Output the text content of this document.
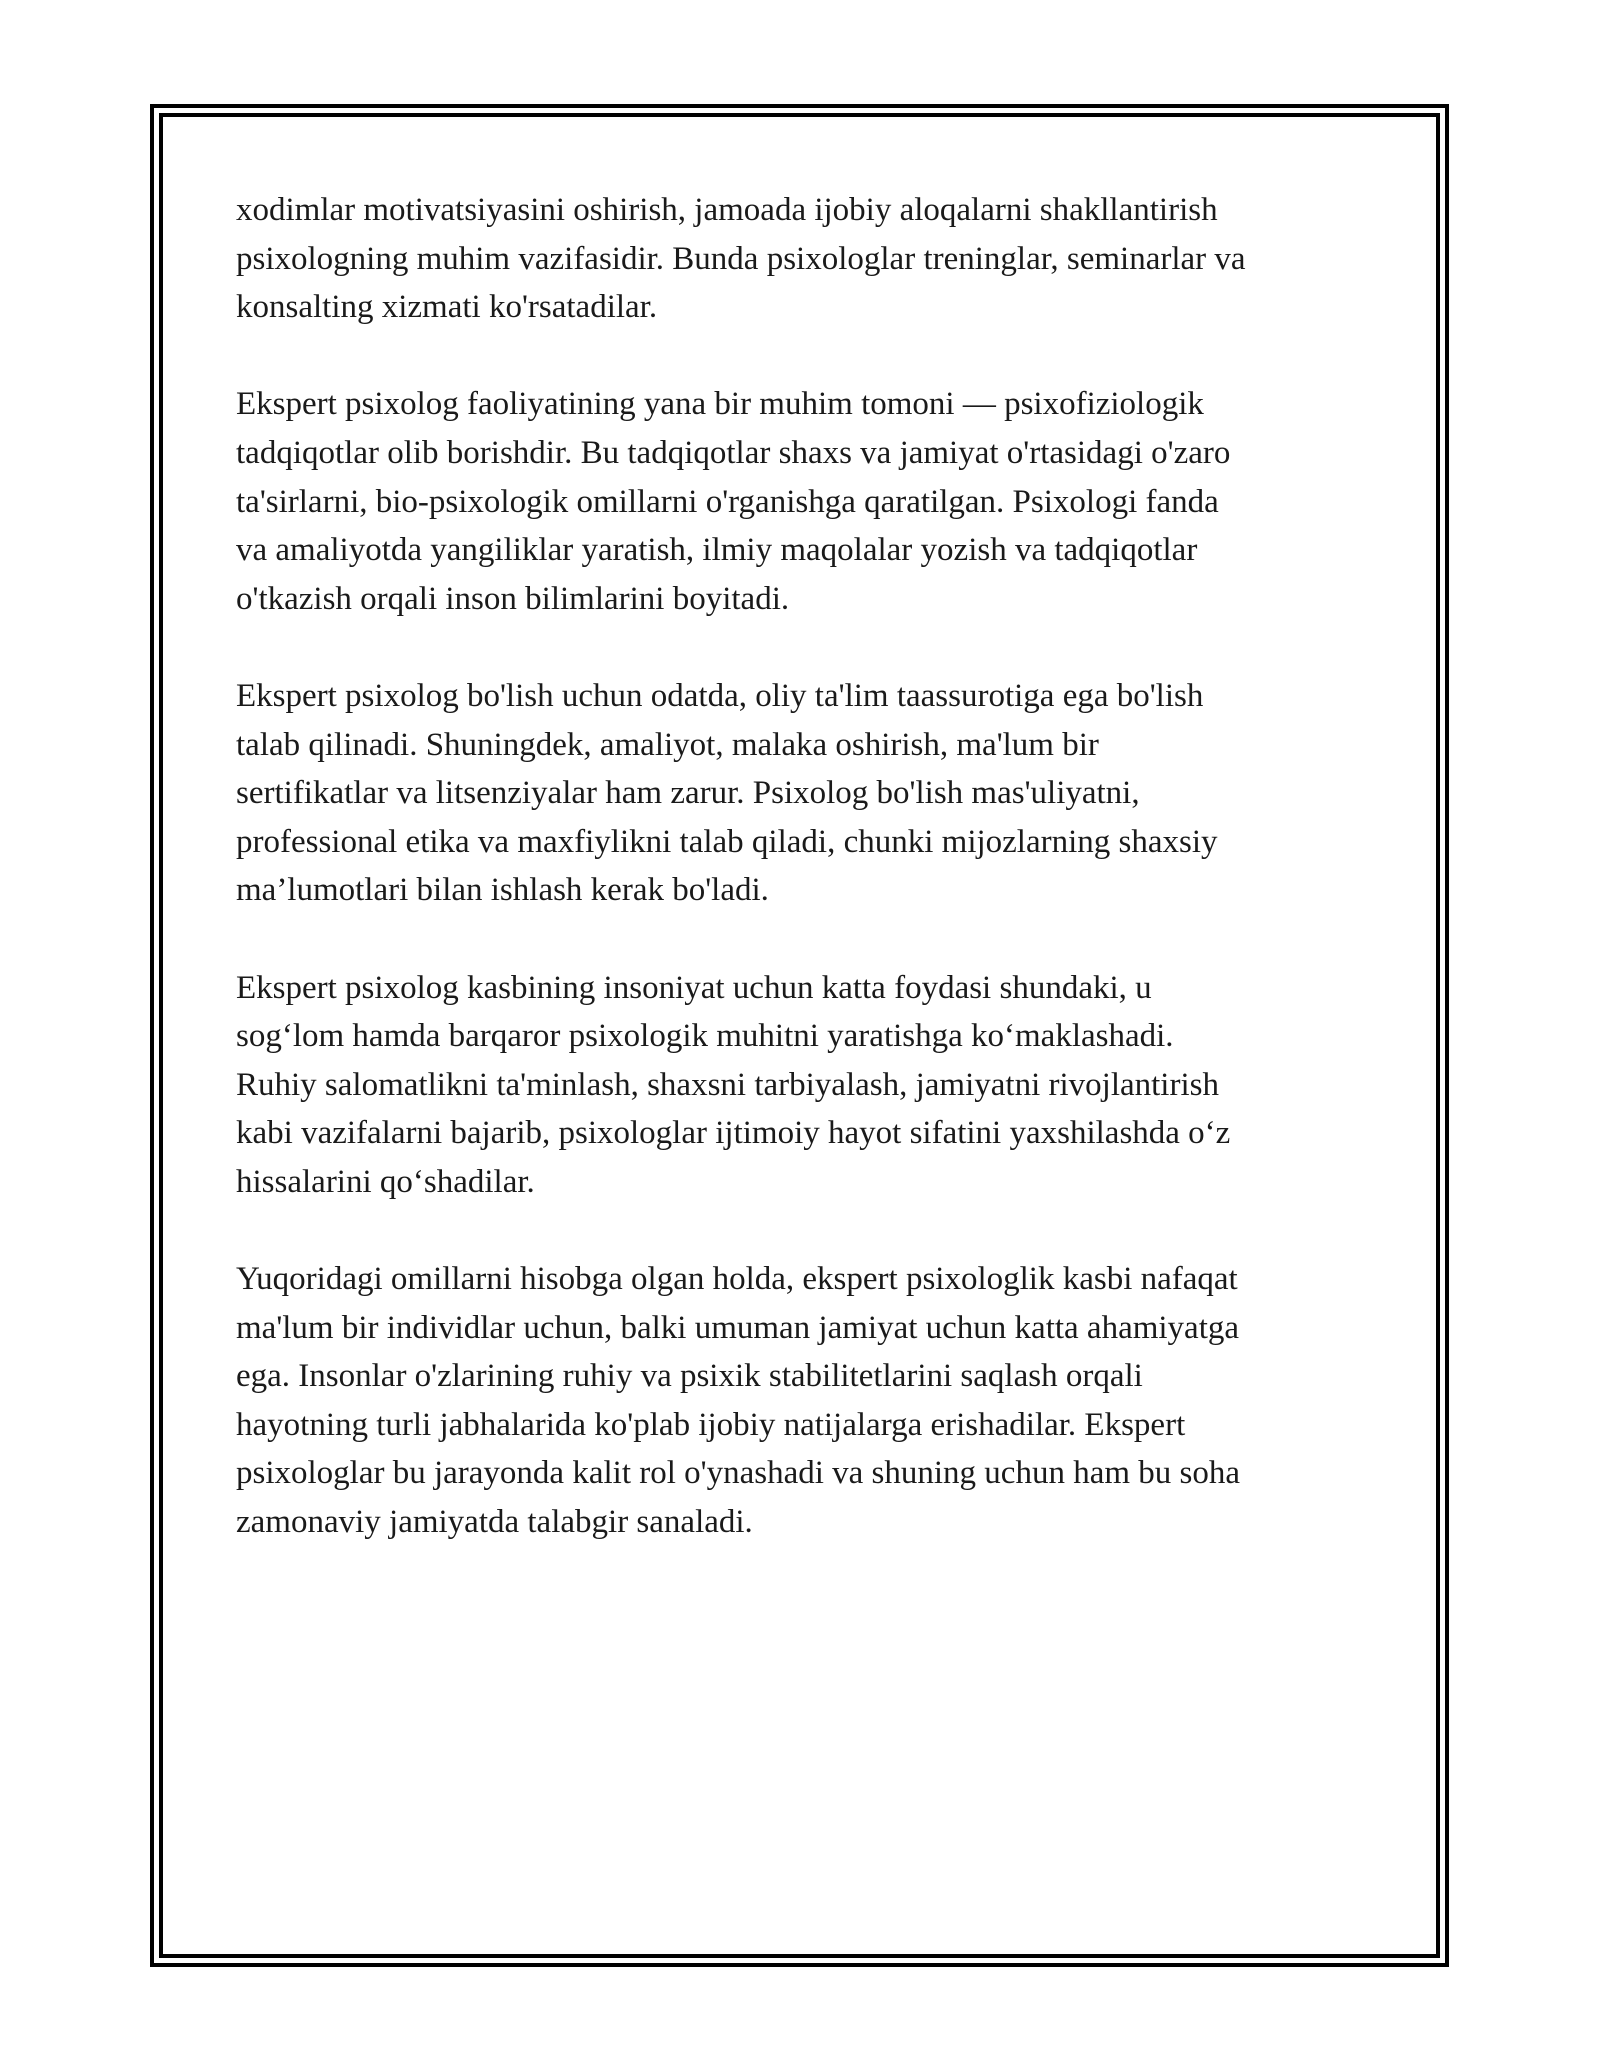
xodimlar motivatsiyasini oshirish, jamoada ijobiy aloqalarni shakllantirish
psixologning muhim vazifasidir. Bunda psixologlar treninglar, seminarlar va
konsalting xizmati ko'rsatadilar.

Ekspert psixolog faoliyatining yana bir muhim tomoni — psixofiziologik
tadqiqotlar olib borishdir. Bu tadqiqotlar shaxs va jamiyat o'rtasidagi o'zaro
ta'sirlarni, bio-psixologik omillarni o'rganishga qaratilgan. Psixologi fanda
va amaliyotda yangiliklar yaratish, ilmiy maqolalar yozish va tadqiqotlar
o'tkazish orqali inson bilimlarini boyitadi.

Ekspert psixolog bo'lish uchun odatda, oliy ta'lim taassurotiga ega bo'lish
talab qilinadi. Shuningdek, amaliyot, malaka oshirish, ma'lum bir
sertifikatlar va litsenziyalar ham zarur. Psixolog bo'lish mas'uliyatni,
professional etika va maxfiylikni talab qiladi, chunki mijozlarning shaxsiy
ma’lumotlari bilan ishlash kerak bo'ladi.

Ekspert psixolog kasbining insoniyat uchun katta foydasi shundaki, u
sog‘lom hamda barqaror psixologik muhitni yaratishga ko‘maklashadi.
Ruhiy salomatlikni ta'minlash, shaxsni tarbiyalash, jamiyatni rivojlantirish
kabi vazifalarni bajarib, psixologlar ijtimoiy hayot sifatini yaxshilashda o‘z
hissalarini qo‘shadilar.

Yuqoridagi omillarni hisobga olgan holda, ekspert psixologlik kasbi nafaqat
ma'lum bir individlar uchun, balki umuman jamiyat uchun katta ahamiyatga
ega. Insonlar o'zlarining ruhiy va psixik stabilitetlarini saqlash orqali
hayotning turli jabhalarida ko'plab ijobiy natijalarga erishadilar. Ekspert
psixologlar bu jarayonda kalit rol o'ynashadi va shuning uchun ham bu soha
zamonaviy jamiyatda talabgir sanaladi.
